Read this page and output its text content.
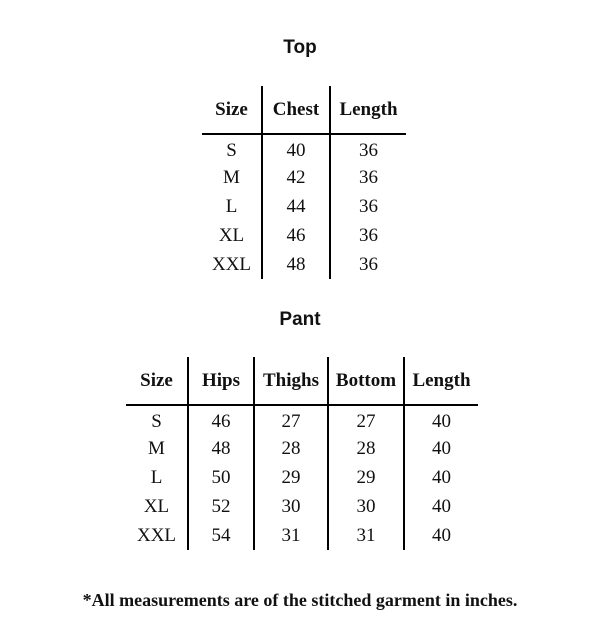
Top
Size	Chest	Length
S	40	36
M	42	36
L	44	36
XL	46	36
XXL	48	36
Pant
Size	Hips	Thighs	Bottom	Length
S	46	27	27	40
M	48	28	28	40
L	50	29	29	40
XL	52	30	30	40
XXL	54	31	31	40
*All measurements are of the stitched garment in inches.
